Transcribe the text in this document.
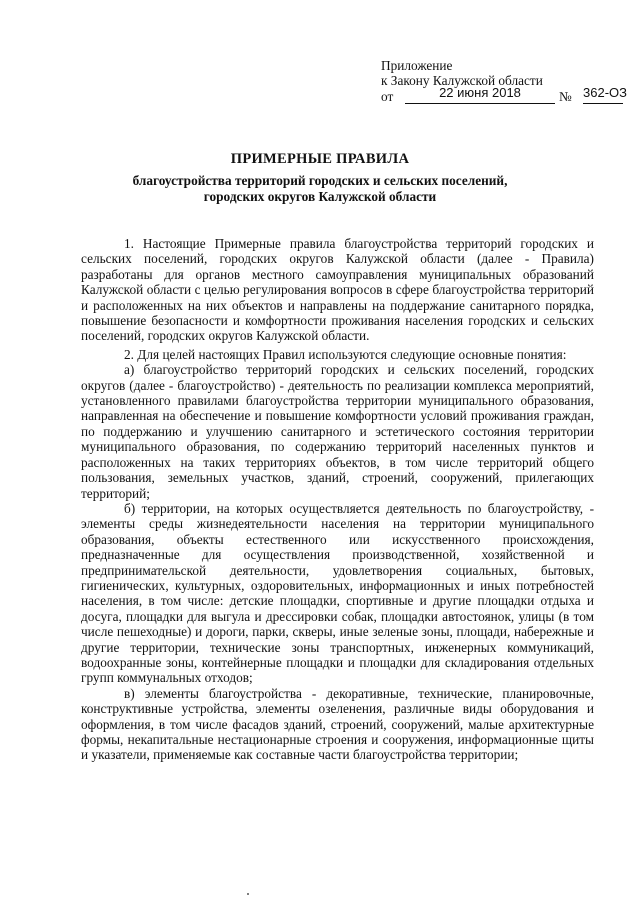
Приложение
к Закону Калужской области
от	22 июня 2018	№ 362-ОЗ
ПРИМЕРНЫЕ ПРАВИЛА
благоустройства территорий городских и сельских поселений,
городских округов Калужской области

1. Настоящие Примерные правила благоустройства территорий городских и сельских поселений, городских округов Калужской области (далее - Правила) разработаны для органов местного самоуправления муниципальных образований Калужской области с целью регулирования вопросов в сфере благоустройства территорий и расположенных на них объектов и направлены на поддержание санитарного порядка, повышение безопасности и комфортности проживания населения городских и сельских поселений, городских округов Калужской области.

2. Для целей настоящих Правил используются следующие основные понятия:

а) благоустройство территорий городских и сельских поселений, городских округов (далее - благоустройство) - деятельность по реализации комплекса мероприятий, установленного правилами благоустройства территории муниципального образования, направленная на обеспечение и повышение комфортности условий проживания граждан, по поддержанию и улучшению санитарного и эстетического состояния территории муниципального образования, по содержанию территорий населенных пунктов и расположенных на таких территориях объектов, в том числе территорий общего пользования, земельных участков, зданий, строений, сооружений, прилегающих территорий;

б) территории, на которых осуществляется деятельность по благоустройству, - элементы среды жизнедеятельности населения на территории муниципального образования, объекты естественного или искусственного происхождения, предназначенные для осуществления производственной, хозяйственной и предпринимательской деятельности, удовлетворения социальных, бытовых, гигиенических, культурных, оздоровительных, информационных и иных потребностей населения, в том числе: детские площадки, спортивные и другие площадки отдыха и досуга, площадки для выгула и дрессировки собак, площадки автостоянок, улицы (в том числе пешеходные) и дороги, парки, скверы, иные зеленые зоны, площади, набережные и другие территории, технические зоны транспортных, инженерных коммуникаций, водоохранные зоны, контейнерные площадки и площадки для складирования отдельных групп коммунальных отходов;

в) элементы благоустройства - декоративные, технические, планировочные, конструктивные устройства, элементы озеленения, различные виды оборудования и оформления, в том числе фасадов зданий, строений, сооружений, малые архитектурные формы, некапитальные нестационарные строения и сооружения, информационные щиты и указатели, применяемые как составные части благоустройства территории;
